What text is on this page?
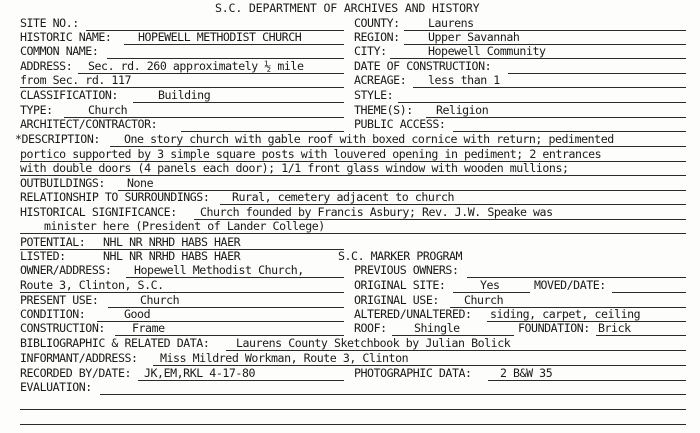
S.C. DEPARTMENT OF ARCHIVES AND HISTORY
SITE NO.:	COUNTY: Laurens
HISTORIC NAME: HOPEWELL METHODIST CHURCH	REGION: Upper Savannah
COMMON NAME:	CITY:	Hopewell Community
ADDRESS: Sec. rd. 260 approximately ½ mile	DATE OF CONSTRUCTION:
from Sec. rd. 117	ACREAGE: less than 1
CLASSIFICATION:	Building	STYLE:
TYPE:	Church	THEME(S): Religion
ARCHITECT/CONTRACTOR:	PUBLIC ACCESS:
*DESCRIPTION: One story church with gable roof with boxed cornice with return; pedimented
portico supported by 3 simple square posts with louvered opening in pediment; 2 entrances
with double doors (4 panels each door); 1/1 front glass window with wooden mullions;
OUTBUILDINGS: None
RELATIONSHIP TO SURROUNDINGS: Rural, cemetery adjacent to church
HISTORICAL SIGNIFICANCE: Church founded by Francis Asbury; Rev. J.W. Speake was
minister here (President of Lander College)
POTENTIAL: NHL NR NRHD HABS HAER
LISTED:	NHL NR NRHD HABS HAER	S.C. MARKER PROGRAM
OWNER/ADDRESS: Hopewell Methodist Church,	PREVIOUS OWNERS:
Route 3, Clinton, S.C.	ORIGINAL SITE:	Yes	MOVED/DATE:
PRESENT USE:	Church	ORIGINAL USE: Church
CONDITION:	Good	ALTERED/UNALTERED: siding, carpet, ceiling
CONSTRUCTION: Frame	ROOF: Shingle	FOUNDATION: Brick
BIBLIOGRAPHIC & RELATED DATA: Laurens County Sketchbook by Julian Bolick
INFORMANT/ADDRESS: Miss Mildred Workman, Route 3, Clinton
RECORDED BY/DATE: JK,EM,RKL 4-17-80	PHOTOGRAPHIC DATA: 2 B&W 35
EVALUATION:
